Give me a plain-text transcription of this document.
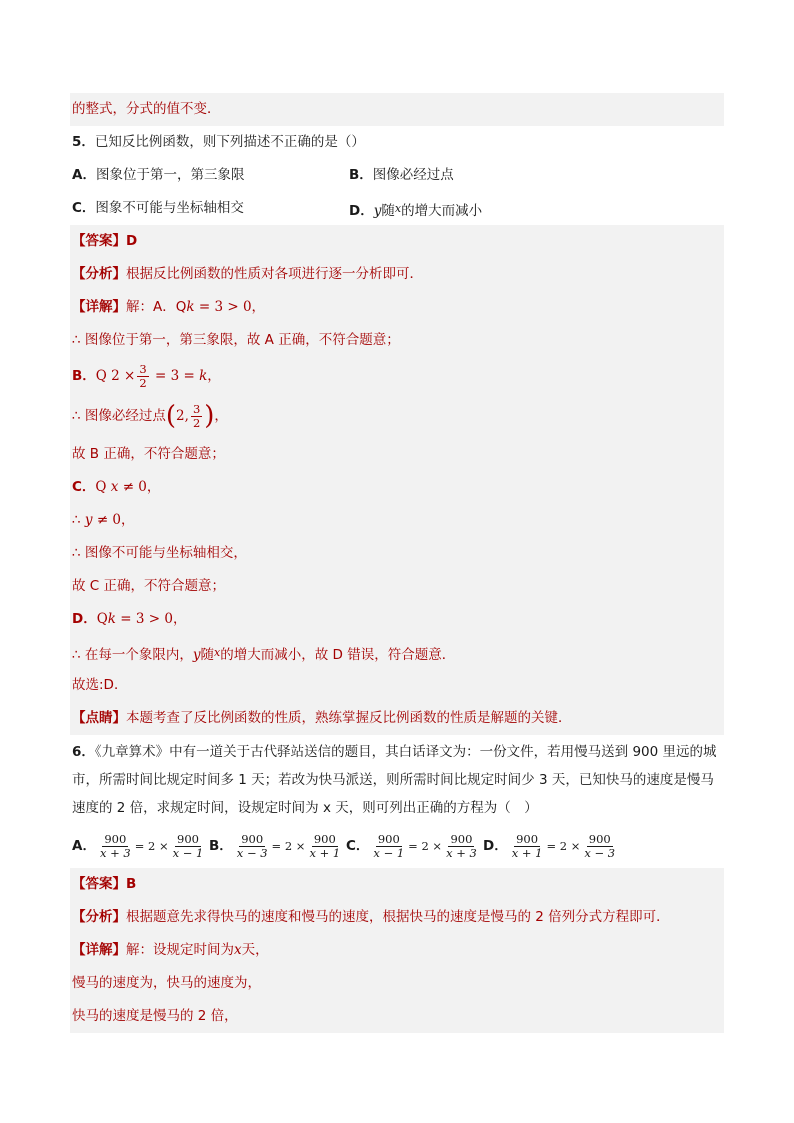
的整式，分式的值不变．
5．已知反比例函数，则下列描述不正确的是（）
A．图象位于第一，第三象限	B．图像必经过点
C．图象不可能与坐标轴相交	D．y随$^x$的增大而减小
【答案】D
【分析】根据反比例函数的性质对各项进行逐一分析即可．
【详解】解：A．Qk = 3 > 0，
∴ 图像位于第一，第三象限，故 A 正确，不符合题意；
B．Q $2 \times \frac{3}{2} = 3 = k$，
∴ 图像必经过点(2, $\frac{3}{2}$ )，
故 B 正确，不符合题意；
C．Q x ≠ 0，
∴ y ≠ 0，
∴ 图像不可能与坐标轴相交，
故 C 正确，不符合题意；
D．Qk = 3 > 0，
∴ 在每一个象限内，y随$^x$的增大而减小，故 D 错误，符合题意．
故选:D．
【点睛】本题考查了反比例函数的性质，熟练掌握反比例函数的性质是解题的关键．
6．《九章算术》中有一道关于古代驿站送信的题目，其白话译文为：一份文件，若用慢马送到 900 里远的城市，所需时间比规定时间多 1 天；若改为快马派送，则所需时间比规定时间少 3 天，已知快马的速度是慢马速度的 2 倍，求规定时间，设规定时间为 x 天，则可列出正确的方程为（　）
A． $\frac{900}{x + 3} = 2 \times \frac{900}{x - 1}$ B． $\frac{900}{x - 3} = 2 \times \frac{900}{x + 1}$ C． $\frac{900}{x - 1} = 2 \times \frac{900}{x + 3}$ D． $\frac{900}{x + 1} = 2 \times \frac{900}{x - 3}$
【答案】B
【分析】根据题意先求得快马的速度和慢马的速度，根据快马的速度是慢马的 2 倍列分式方程即可．
【详解】解：设规定时间为x天，
慢马的速度为，快马的速度为，
快马的速度是慢马的 2 倍，
